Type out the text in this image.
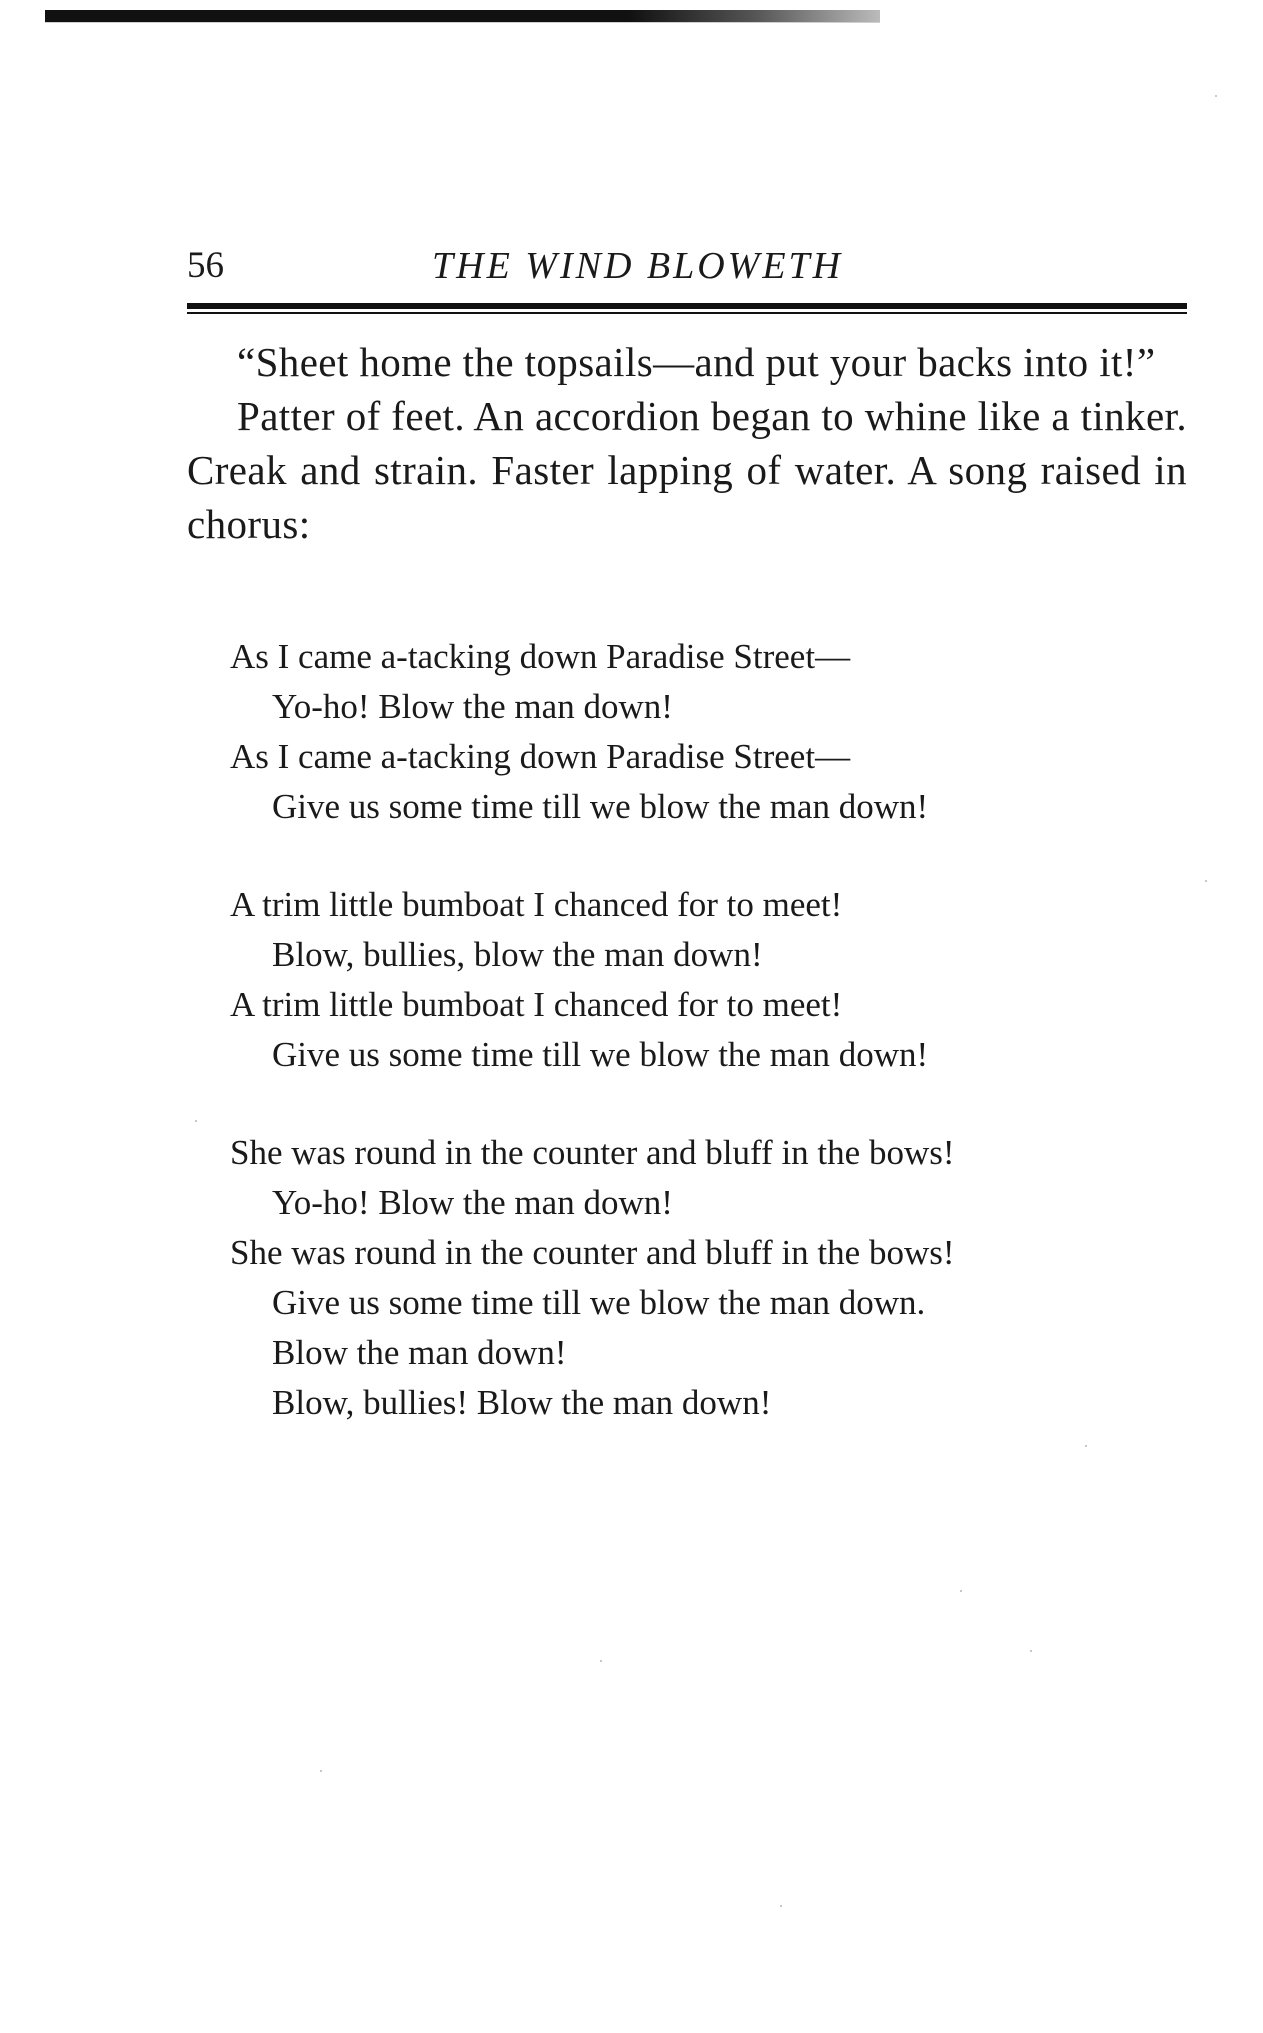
56	THE WIND BLOWETH

“Sheet home the topsails—and put your backs into it!”

Patter of feet. An accordion began to whine like a tinker. Creak and strain. Faster lapping of water. A song raised in chorus:

As I came a-tacking down Paradise Street—
Yo-ho! Blow the man down!
As I came a-tacking down Paradise Street—
Give us some time till we blow the man down!
A trim little bumboat I chanced for to meet!
Blow, bullies, blow the man down!
A trim little bumboat I chanced for to meet!
Give us some time till we blow the man down!
She was round in the counter and bluff in the bows!
Yo-ho! Blow the man down!
She was round in the counter and bluff in the bows!
Give us some time till we blow the man down.
Blow the man down!
Blow, bullies! Blow the man down!
